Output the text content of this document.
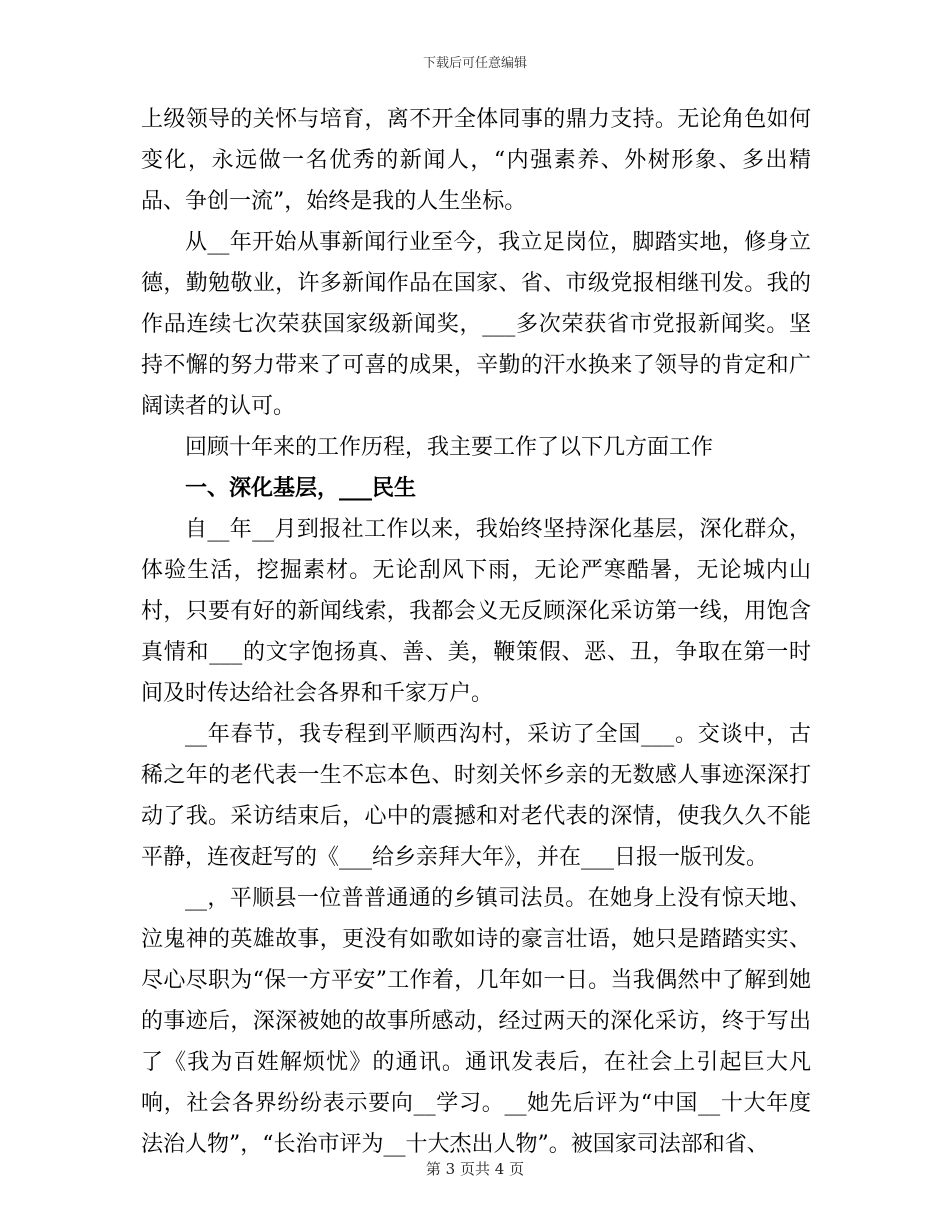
下载后可任意编辑

上级领导的关怀与培育，离不开全体同事的鼎力支持。无论角色如何变化，永远做一名优秀的新闻人，“内强素养、外树形象、多出精品、争创一流”，始终是我的人生坐标。

从__年开始从事新闻行业至今，我立足岗位，脚踏实地，修身立德，勤勉敬业，许多新闻作品在国家、省、市级党报相继刊发。我的作品连续七次荣获国家级新闻奖，___多次荣获省市党报新闻奖。坚持不懈的努力带来了可喜的成果，辛勤的汗水换来了领导的肯定和广阔读者的认可。

回顾十年来的工作历程，我主要工作了以下几方面工作

一、深化基层，___民生

自__年__月到报社工作以来，我始终坚持深化基层，深化群众，体验生活，挖掘素材。无论刮风下雨，无论严寒酷暑，无论城内山村，只要有好的新闻线索，我都会义无反顾深化采访第一线，用饱含真情和___的文字饱扬真、善、美，鞭策假、恶、丑，争取在第一时间及时传达给社会各界和千家万户。

__年春节，我专程到平顺西沟村，采访了全国___。交谈中，古稀之年的老代表一生不忘本色、时刻关怀乡亲的无数感人事迹深深打动了我。采访结束后，心中的震撼和对老代表的深情，使我久久不能平静，连夜赶写的《___给乡亲拜大年》，并在___日报一版刊发。

__，平顺县一位普普通通的乡镇司法员。在她身上没有惊天地、泣鬼神的英雄故事，更没有如歌如诗的豪言壮语，她只是踏踏实实、尽心尽职为“保一方平安”工作着，几年如一日。当我偶然中了解到她的事迹后，深深被她的故事所感动，经过两天的深化采访，终于写出了《我为百姓解烦忧》的通讯。通讯发表后，在社会上引起巨大凡响，社会各界纷纷表示要向__学习。__她先后评为“中国__十大年度法治人物”，“长治市评为__十大杰出人物”。被国家司法部和省、

第 3 页共 4 页
